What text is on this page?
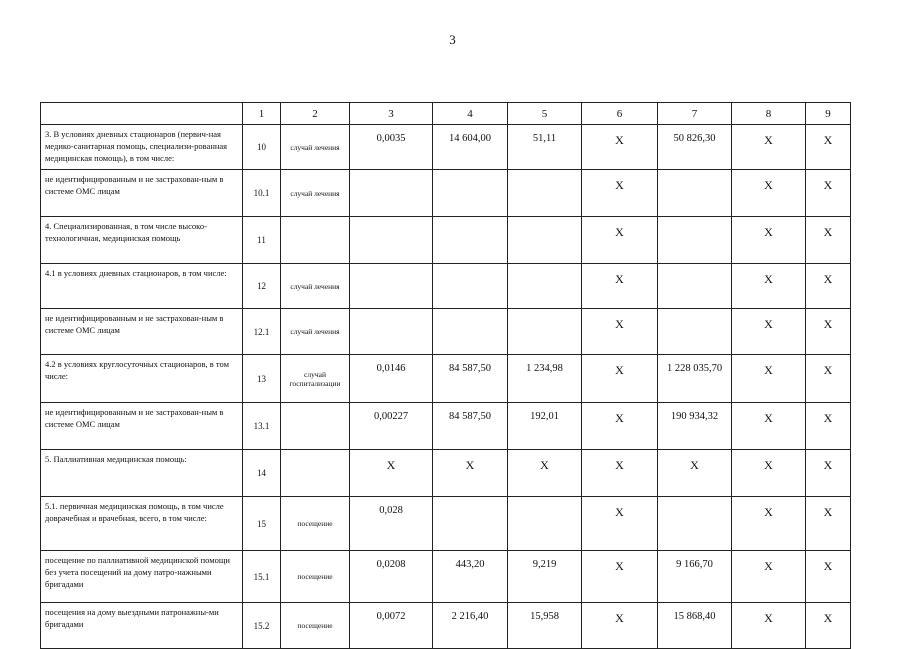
3
	1	2	3	4	5	6	7	8	9
3. В условиях дневных стационаров (первич-ная медико-санитарная помощь, специализи-рованная медицинская помощь), в том числе:	10	случай лечения	0,0035	14 604,00	51,11	X	50 826,30	X	X
не идентифицированным и не застрахован-ным в системе ОМС лицам	10.1	случай лечения				X		X	X
4. Специализированная, в том числе высоко-технологичная, медицинская помощь	11					X		X	X
4.1 в условиях дневных стационаров, в том числе:	12	случай лечения				X		X	X
не идентифицированным и не застрахован-ным в системе ОМС лицам	12.1	случай лечения				X		X	X
4.2 в условиях круглосуточных стационаров, в том числе:	13	случай госпитализации	0,0146	84 587,50	1 234,98	X	1 228 035,70	X	X
не идентифицированным и не застрахован-ным в системе ОМС лицам	13.1		0,00227	84 587,50	192,01	X	190 934,32	X	X
5. Паллиативная медицинская помощь:	14		X	X	X	X	X	X	X
5.1. первичная медицинская помощь, в том числе доврачебная и врачебная, всего, в том числе:	15	посещение	0,028			X		X	X
посещение по паллиативной медицинской помощи без учета посещений на дому патро-нажными бригадами	15.1	посещение	0,0208	443,20	9,219	X	9 166,70	X	X
посещения на дому выездными патронажны-ми бригадами	15.2	посещение	0,0072	2 216,40	15,958	X	15 868,40	X	X
